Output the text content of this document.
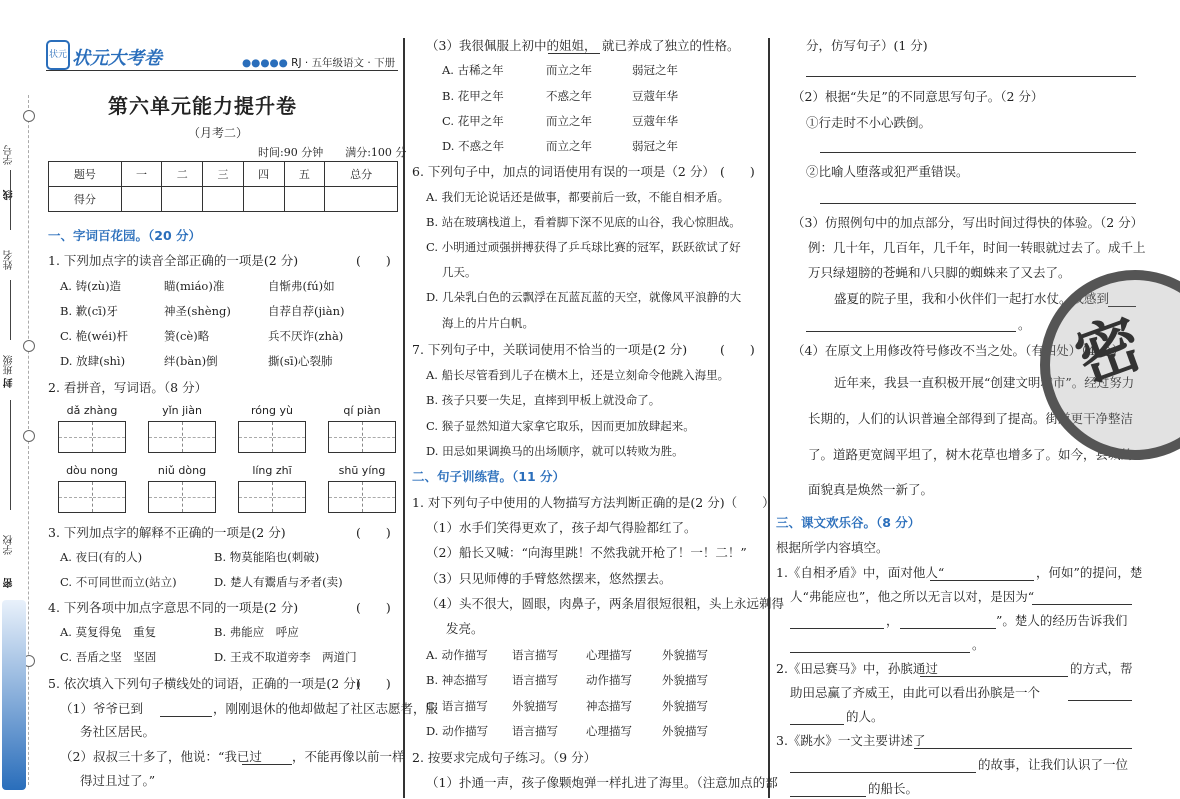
学号
姓名
班级
封
学校
密
状元 状元大考卷	●●●●● RJ · 五年级语文 · 下册
第六单元能力提升卷
（月考二）
时间:90 分钟　　满分:100 分
题号	一	二	三	四	五	总分
得分						
一、字词百花园。（20 分）
1. 下列加点字的读音全部正确的一项是(2 分)	(　　)
A. 铸(zù)造	瞄(miáo)准	自惭弗(fú)如
B. 歉(cī)牙	神圣(shèng)	自荐自荐(jiàn)
C. 桅(wéi)杆	箦(cè)略	兵不厌诈(zhà)
D. 放肆(shì)	绊(bàn)倒	撕(sī)心裂肺
2. 看拼音，写词语。（8 分）
dǎ zhàng	yǐn jiàn	róng yù	qí piàn
dòu nong	niǔ dòng	líng zhī	shū yíng
3. 下列加点字的解释不正确的一项是(2 分)	(　　)
A. 夜曰(有的人)	B. 物莫能陷也(刺破)
C. 不可同世而立(站立)	D. 楚人有鬻盾与矛者(卖)
4. 下列各项中加点字意思不同的一项是(2 分)	(　　)
A. 莫复得兔　重复	B. 弗能应　呼应
C. 吾盾之坚　坚固	D. 王戎不取道旁李　两道门
5. 依次填入下列句子横线处的词语，正确的一项是(2 分)
(　　)
（1）爷爷已到	，刚刚退休的他却做起了社区志愿者，服
务社区居民。
（2）叔叔三十多了，他说：“我已过 ，不能再像以前一样
得过且过了。”
（3）我很佩服上初中的姐姐， 就已养成了独立的性格。
A. 古稀之年	而立之年	弱冠之年
B. 花甲之年	不惑之年	豆蔻年华
C. 花甲之年	而立之年	豆蔻年华
D. 不惑之年	而立之年	弱冠之年
6. 下列句子中，加点的词语使用有误的一项是（2 分） (　　)
A. 我们无论说话还是做事，都要前后一致，不能自相矛盾。
B. 站在玻璃栈道上，看着脚下深不见底的山谷，我心惊胆战。
C. 小明通过顽强拼搏获得了乒乓球比赛的冠军，跃跃欲试了好
几天。
D. 几朵乳白色的云飘浮在瓦蓝瓦蓝的天空，就像风平浪静的大
海上的片片白帆。
7. 下列句子中，关联词使用不恰当的一项是(2 分)	(　　)
A. 船长尽管看到儿子在横木上，还是立刻命令他跳入海里。
B. 孩子只要一失足，直摔到甲板上就没命了。
C. 猴子显然知道大家拿它取乐，因而更加放肆起来。
D. 田忌如果调换马的出场顺序，就可以转败为胜。
二、句子训练营。（11 分）
1. 对下列句子中使用的人物描写方法判断正确的是(2 分)（　　）
（1）水手们笑得更欢了，孩子却气得脸都红了。
（2）船长又喊：“向海里跳！不然我就开枪了！一！二！”
（3）只见师傅的手臂悠然摆来，悠然摆去。
（4）头不很大，圆眼，肉鼻子，两条眉很短很粗，头上永远剃得
发亮。
A. 动作描写 语言描写 心理描写	外貌描写
B. 神态描写 语言描写 动作描写	外貌描写
C. 语言描写 外貌描写 神态描写	外貌描写
D. 动作描写 语言描写 心理描写	外貌描写
2. 按要求完成句子练习。（9 分）
（1）扑通一声，孩子像颗炮弹一样扎进了海里。（注意加点的部
分，仿写句子）(1 分)
（2）根据“失足”的不同意思写句子。（2 分）
①行走时不小心跌倒。
②比喻人堕落或犯严重错误。
（3）仿照例句中的加点部分，写出时间过得快的体验。（2 分）
例：几十年，几百年，几千年，时间一转眼就过去了。成千上
万只绿翅膀的苍蝇和八只脚的蜘蛛来了又去了。
盛夏的院子里，我和小伙伴们一起打水仗。我感到
。
（4）在原文上用修改符号修改不当之处。（有四处）（4 分）
近年来，我县一直积极开展“创建文明城市”。经过努力
长期的，人们的认识普遍全部得到了提高。街道更干净整洁
了。道路更宽阔平坦了，树木花草也增多了。如今，县城的
面貌真是焕然一新了。
密
三、课文欢乐谷。（8 分）
根据所学内容填空。
1.《自相矛盾》中，面对他人“	，何如”的提问，楚
人“弗能应也”，他之所以无言以对，是因为“
，	”。楚人的经历告诉我们
。
2.《田忌赛马》中，孙膑通过	的方式，帮
助田忌赢了齐威王，由此可以看出孙膑是一个
的人。
3.《跳水》一文主要讲述了
的故事，让我们认识了一位
的船长。
